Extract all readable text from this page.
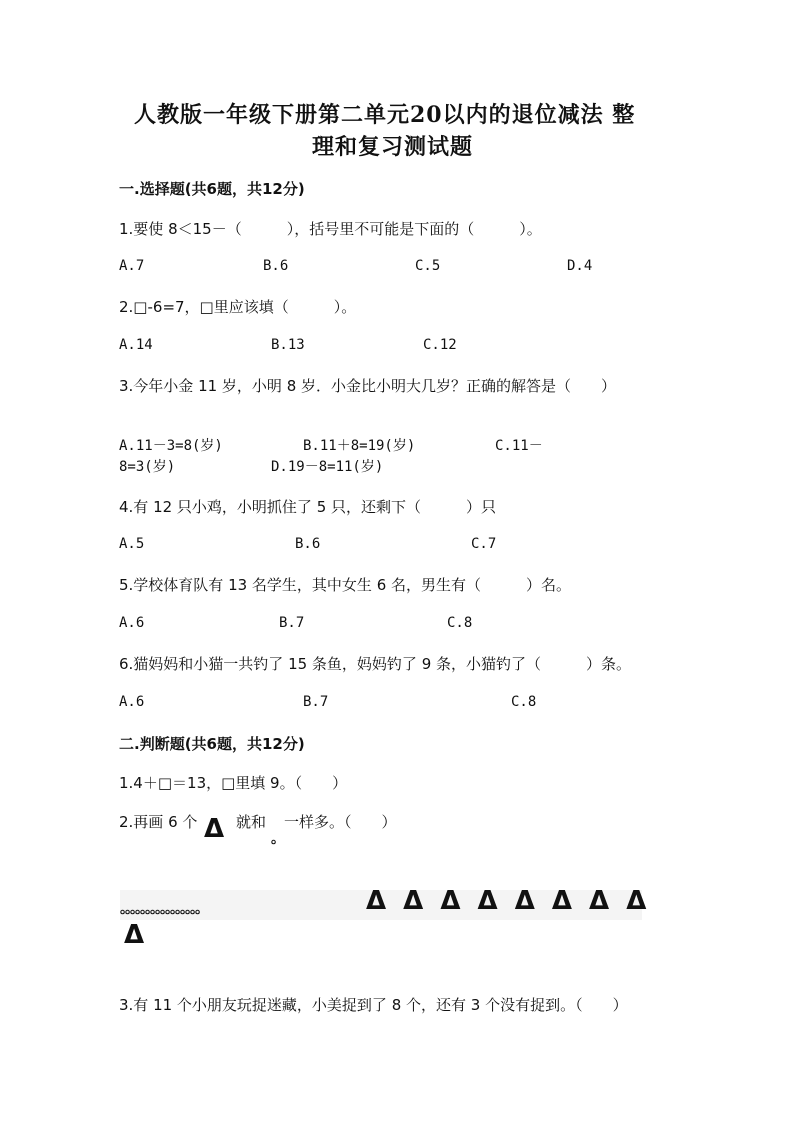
人教版一年级下册第二单元20以内的退位减法 整
理和复习测试题
一.选择题(共6题，共12分)
1.要使 8＜15－（　　　），括号里不可能是下面的（　　　）。
A.7	B.6	C.5	D.4
2.□-6=7，□里应该填（　　　）。
A.14	B.13	C.12
3.今年小金 11 岁，小明 8 岁．小金比小明大几岁？正确的解答是（　　）
A.11－3=8(岁)	B.11＋8=19(岁)	C.11－
8=3(岁)	D.19－8=11(岁)
4.有 12 只小鸡，小明抓住了 5 只，还剩下（　　　）只
A.5	B.6	C.7
5.学校体育队有 13 名学生，其中女生 6 名，男生有（　　　）名。
A.6	B.7	C.8
6.猫妈妈和小猫一共钓了 15 条鱼，妈妈钓了 9 条，小猫钓了（　　　）条。
A.6	B.7	C.8
二.判断题(共6题，共12分)
1.4＋□＝13，□里填 9。（　　）
2.再画 6 个 Δ 就和
。
一样多。（　　）
。。。。。。。。。。。。。。。。	Δ Δ Δ Δ Δ Δ Δ Δ
Δ
3.有 11 个小朋友玩捉迷藏，小美捉到了 8 个，还有 3 个没有捉到。（　　）
